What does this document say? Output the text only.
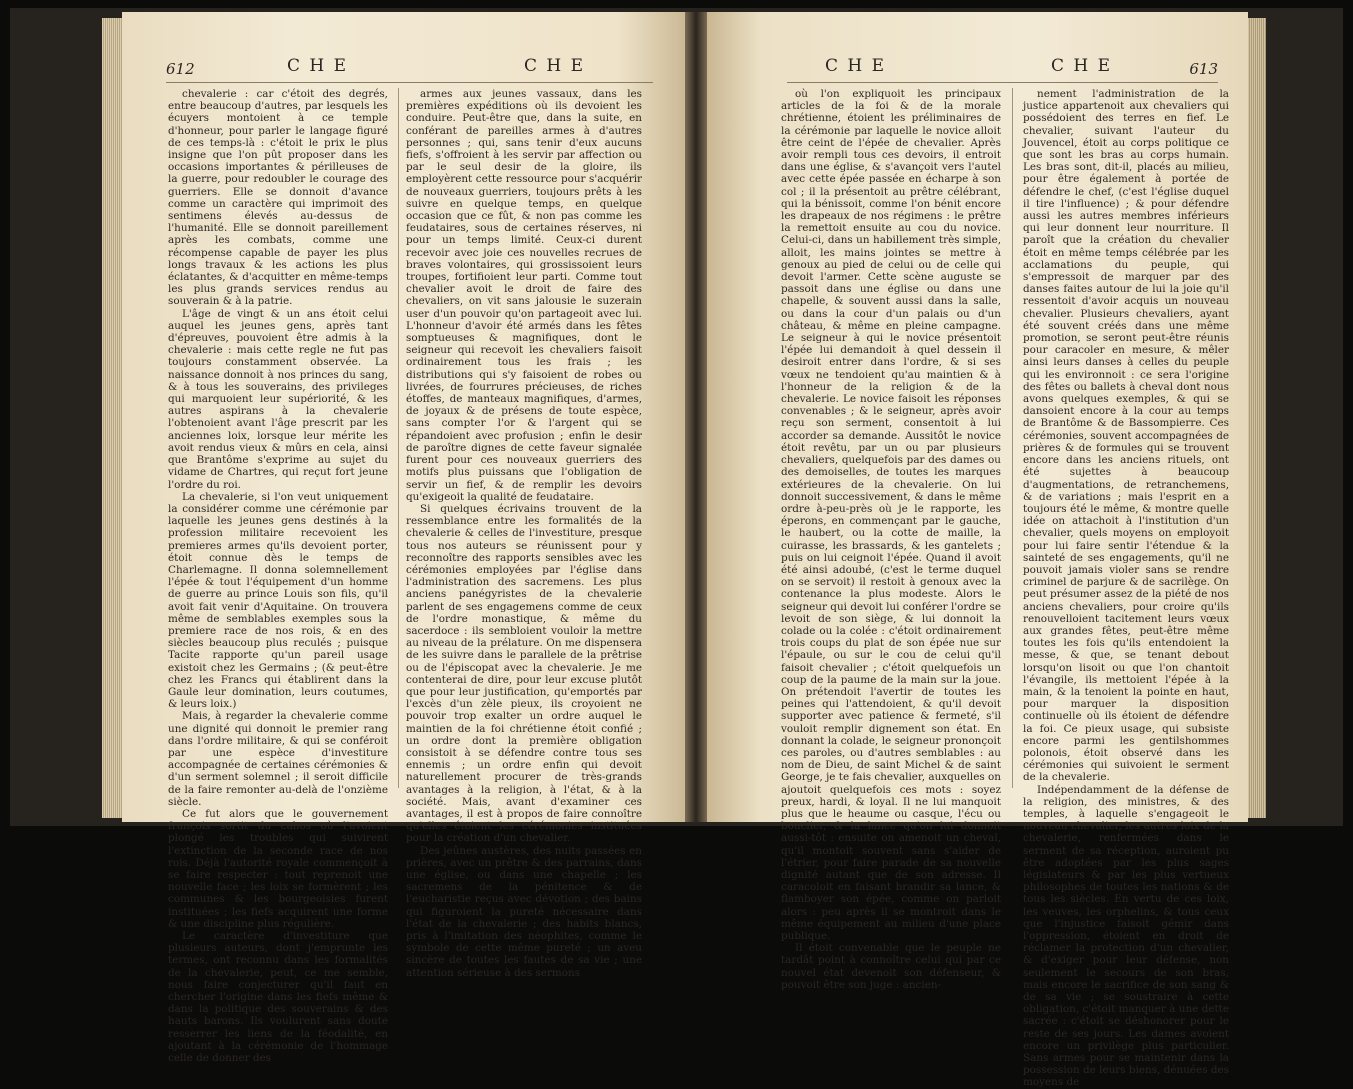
612	C H E	C H E

chevalerie : car c'étoit des degrés, entre beaucoup d'autres, par lesquels les écuyers montoient à ce temple d'honneur, pour parler le langage figuré de ces temps-là : c'étoit le prix le plus insigne que l'on pût proposer dans les occasions importantes & périlleuses de la guerre, pour redoubler le courage des guerriers. Elle se donnoit d'avance comme un caractère qui imprimoit des sentimens élevés au-dessus de l'humanité. Elle se donnoit pareillement après les combats, comme une récompense capable de payer les plus longs travaux & les actions les plus éclatantes, & d'acquitter en même-temps les plus grands services rendus au souverain & à la patrie.

L'âge de vingt & un ans étoit celui auquel les jeunes gens, après tant d'épreuves, pouvoient être admis à la chevalerie : mais cette regle ne fut pas toujours constamment observée. La naissance donnoit à nos princes du sang, & à tous les souverains, des privileges qui marquoient leur supériorité, & les autres aspirans à la chevalerie l'obtenoient avant l'âge prescrit par les anciennes loix, lorsque leur mérite les avoit rendus vieux & mûrs en cela, ainsi que Brantôme s'exprime au sujet du vidame de Chartres, qui reçut fort jeune l'ordre du roi.

La chevalerie, si l'on veut uniquement la considérer comme une cérémonie par laquelle les jeunes gens destinés à la profession militaire recevoient les premieres armes qu'ils devoient porter, étoit connue dès le temps de Charlemagne. Il donna solemnellement l'épée & tout l'équipement d'un homme de guerre au prince Louis son fils, qu'il avoit fait venir d'Aquitaine. On trouvera même de semblables exemples sous la premiere race de nos rois, & en des siècles beaucoup plus reculés ; puisque Tacite rapporte qu'un pareil usage existoit chez les Germains ; (& peut-être chez les Francs qui établirent dans la Gaule leur domination, leurs coutumes, & leurs loix.)

Mais, à regarder la chevalerie comme une dignité qui donnoit le premier rang dans l'ordre militaire, & qui se conféroit par une espèce d'investiture accompagnée de certaines cérémonies & d'un serment solemnel ; il seroit difficile de la faire remonter au-delà de l'onzième siècle.

Ce fut alors que le gouvernement françois sortit du cahos où l'avoient plongé les troubles qui suivirent l'extinction de la seconde race de nos rois. Déjà l'autorité royale commençoit à se faire respecter : tout reprenoit une nouvelle face ; les loix se formèrent ; les communes & les bourgeoisies furent instituées ; les fiefs acquirent une forme & une discipline plus régulière.

Le caractère d'investiture que plusieurs auteurs, dont j'emprunte les termes, ont reconnu dans les formalités de la chevalerie, peut, ce me semble, nous faire conjecturer qu'il faut en chercher l'origine dans les fiefs même & dans la politique des souverains & des hauts barons. Ils voulurent sans doute resserrer les liens de la féodalité, en ajoutant à la cérémonie de l'hommage celle de donner des

armes aux jeunes vassaux, dans les premières expéditions où ils devoient les conduire. Peut-être que, dans la suite, en conférant de pareilles armes à d'autres personnes ; qui, sans tenir d'eux aucuns fiefs, s'offroient à les servir par affection ou par le seul desir de la gloire, ils employèrent cette ressource pour s'acquérir de nouveaux guerriers, toujours prêts à les suivre en quelque temps, en quelque occasion que ce fût, & non pas comme les feudataires, sous de certaines réserves, ni pour un temps limité. Ceux-ci durent recevoir avec joie ces nouvelles recrues de braves volontaires, qui grossissoient leurs troupes, fortifioient leur parti. Comme tout chevalier avoit le droit de faire des chevaliers, on vit sans jalousie le suzerain user d'un pouvoir qu'on partageoit avec lui. L'honneur d'avoir été armés dans les fêtes somptueuses & magnifiques, dont le seigneur qui recevoit les chevaliers faisoit ordinairement tous les frais ; les distributions qui s'y faisoient de robes ou livrées, de fourrures précieuses, de riches étoffes, de manteaux magnifiques, d'armes, de joyaux & de présens de toute espèce, sans compter l'or & l'argent qui se répandoient avec profusion ; enfin le desir de paroître dignes de cette faveur signalée furent pour ces nouveaux guerriers des motifs plus puissans que l'obligation de servir un fief, & de remplir les devoirs qu'exigeoit la qualité de feudataire.

Si quelques écrivains trouvent de la ressemblance entre les formalités de la chevalerie & celles de l'investiture, presque tous nos auteurs se réunissent pour y reconnoître des rapports sensibles avec les cérémonies employées par l'église dans l'administration des sacremens. Les plus anciens panégyristes de la chevalerie parlent de ses engagemens comme de ceux de l'ordre monastique, & même du sacerdoce : ils sembloient vouloir la mettre au niveau de la prélature. On me dispensera de les suivre dans le parallele de la prêtrise ou de l'épiscopat avec la chevalerie. Je me contenterai de dire, pour leur excuse plutôt que pour leur justification, qu'emportés par l'excès d'un zèle pieux, ils croyoient ne pouvoir trop exalter un ordre auquel le maintien de la foi chrétienne étoit confié ; un ordre dont la première obligation consistoit à se défendre contre tous ses ennemis ; un ordre enfin qui devoit naturellement procurer de très-grands avantages à la religion, à l'état, & à la société. Mais, avant d'examiner ces avantages, il est à propos de faire connoître qu'elles étoient les cérémonies instituées pour la création d'un chevalier.

Des jeûnes austères, des nuits passées en prières, avec un prêtre & des parrains, dans une église, ou dans une chapelle ; les sacremens de la pénitence & de l'eucharistie reçus avec dévotion ; des bains qui figuroient la pureté nécessaire dans l'état de la chevalerie ; des habits blancs, pris à l'imitation des néophites, comme le symbole de cette même pureté ; un aveu sincère de toutes les fautes de sa vie ; une attention sérieuse à des sermons

C H E	C H E	613

où l'on expliquoit les principaux articles de la foi & de la morale chrétienne, étoient les préliminaires de la cérémonie par laquelle le novice alloit être ceint de l'épée de chevalier. Après avoir rempli tous ces devoirs, il entroit dans une église, & s'avançoit vers l'autel avec cette épée passée en écharpe à son col ; il la présentoit au prêtre célébrant, qui la bénissoit, comme l'on bénit encore les drapeaux de nos régimens : le prêtre la remettoit ensuite au cou du novice. Celui-ci, dans un habillement très simple, alloit, les mains jointes se mettre à genoux au pied de celui ou de celle qui devoit l'armer. Cette scène auguste se passoit dans une église ou dans une chapelle, & souvent aussi dans la salle, ou dans la cour d'un palais ou d'un château, & même en pleine campagne. Le seigneur à qui le novice présentoit l'épée lui demandoit à quel dessein il desiroit entrer dans l'ordre, & si ses vœux ne tendoient qu'au maintien & à l'honneur de la religion & de la chevalerie. Le novice faisoit les réponses convenables ; & le seigneur, après avoir reçu son serment, consentoit à lui accorder sa demande. Aussitôt le novice étoit revêtu, par un ou par plusieurs chevaliers, quelquefois par des dames ou des demoiselles, de toutes les marques extérieures de la chevalerie. On lui donnoit successivement, & dans le même ordre à-peu-près où je le rapporte, les éperons, en commençant par le gauche, le haubert, ou la cotte de maille, la cuirasse, les brassards, & les gantelets ; puis on lui ceignoit l'épée. Quand il avoit été ainsi adoubé, (c'est le terme duquel on se servoit) il restoit à genoux avec la contenance la plus modeste. Alors le seigneur qui devoit lui conférer l'ordre se levoit de son siège, & lui donnoit la colade ou la colée : c'étoit ordinairement trois coups du plat de son épée nue sur l'épaule, ou sur le cou de celui qu'il faisoit chevalier ; c'étoit quelquefois un coup de la paume de la main sur la joue. On prétendoit l'avertir de toutes les peines qui l'attendoient, & qu'il devoit supporter avec patience & fermeté, s'il vouloit remplir dignement son état. En donnant la colade, le seigneur prononçoit ces paroles, ou d'autres semblables : au nom de Dieu, de saint Michel & de saint George, je te fais chevalier, auxquelles on ajoutoit quelquefois ces mots : soyez preux, hardi, & loyal. Il ne lui manquoit plus que le heaume ou casque, l'écu ou bouclier, & la lance qu'on lui donnoit aussi-tôt : ensuite on amenoit un cheval, qu'il montoit souvent sans s'aider de l'étrier, pour faire parade de sa nouvelle dignité autant que de son adresse. Il caracoloit en faisant brandir sa lance, & flamboyer son épée, comme on parloit alors : peu après il se montroit dans le même équipement au milieu d'une place publique.

Il étoit convenable que le peuple ne tardât point à connoître celui qui par ce nouvel état devenoit son défenseur, & pouvoit être son juge : ancien-

nement l'administration de la justice appartenoit aux chevaliers qui possédoient des terres en fief. Le chevalier, suivant l'auteur du Jouvencel, étoit au corps politique ce que sont les bras au corps humain. Les bras sont, dit-il, placés au milieu, pour être également à portée de défendre le chef, (c'est l'église duquel il tire l'influence) ; & pour défendre aussi les autres membres inférieurs qui leur donnent leur nourriture. Il paroît que la création du chevalier étoit en même temps célébrée par les acclamations du peuple, qui s'empressoit de marquer par des danses faites autour de lui la joie qu'il ressentoit d'avoir acquis un nouveau chevalier. Plusieurs chevaliers, ayant été souvent créés dans une même promotion, se seront peut-être réunis pour caracoler en mesure, & mêler ainsi leurs danses à celles du peuple qui les environnoit : ce sera l'origine des fêtes ou ballets à cheval dont nous avons quelques exemples, & qui se dansoient encore à la cour au temps de Brantôme & de Bassompierre. Ces cérémonies, souvent accompagnées de prières & de formules qui se trouvent encore dans les anciens rituels, ont été sujettes à beaucoup d'augmentations, de retranchemens, & de variations ; mais l'esprit en a toujours été le même, & montre quelle idée on attachoit à l'institution d'un chevalier, quels moyens on employoit pour lui faire sentir l'étendue & la sainteté de ses engagements, qu'il ne pouvoit jamais violer sans se rendre criminel de parjure & de sacrilège. On peut présumer assez de la piété de nos anciens chevaliers, pour croire qu'ils renouvelloient tacitement leurs vœux aux grandes fêtes, peut-être même toutes les fois qu'ils entendoient la messe, & que, se tenant debout lorsqu'on lisoit ou que l'on chantoit l'évangile, ils mettoient l'épée à la main, & la tenoient la pointe en haut, pour marquer la disposition continuelle où ils étoient de défendre la foi. Ce pieux usage, qui subsiste encore parmi les gentilshommes polonois, étoit observé dans les cérémonies qui suivoient le serment de la chevalerie.

Indépendamment de la défense de la religion, des ministres, & des temples, à laquelle s'engageoit le nouveau chevalier, les autres loix de la chevalerie, renfermées dans le serment de sa réception, auroient pu être adoptées par les plus sages législateurs & par les plus vertueux philosophes de toutes les nations & de tous les siècles. En vertu de ces loix, les veuves, les orphelins, & tous ceux que l'injustice faisoit gémir dans l'oppression, étoient en droit de réclamer la protection d'un chevalier, & d'exiger pour leur défense, non seulement le secours de son bras, mais encore le sacrifice de son sang & de sa vie ; se soustraire à cette obligation, c'étoit manquer à une dette sacrée : c'étoit se déshonorer pour le reste de ses jours. Les dames avoient encore un privilège plus particulier. Sans armes pour se maintenir dans la possession de leurs biens, dénuées des moyens de
